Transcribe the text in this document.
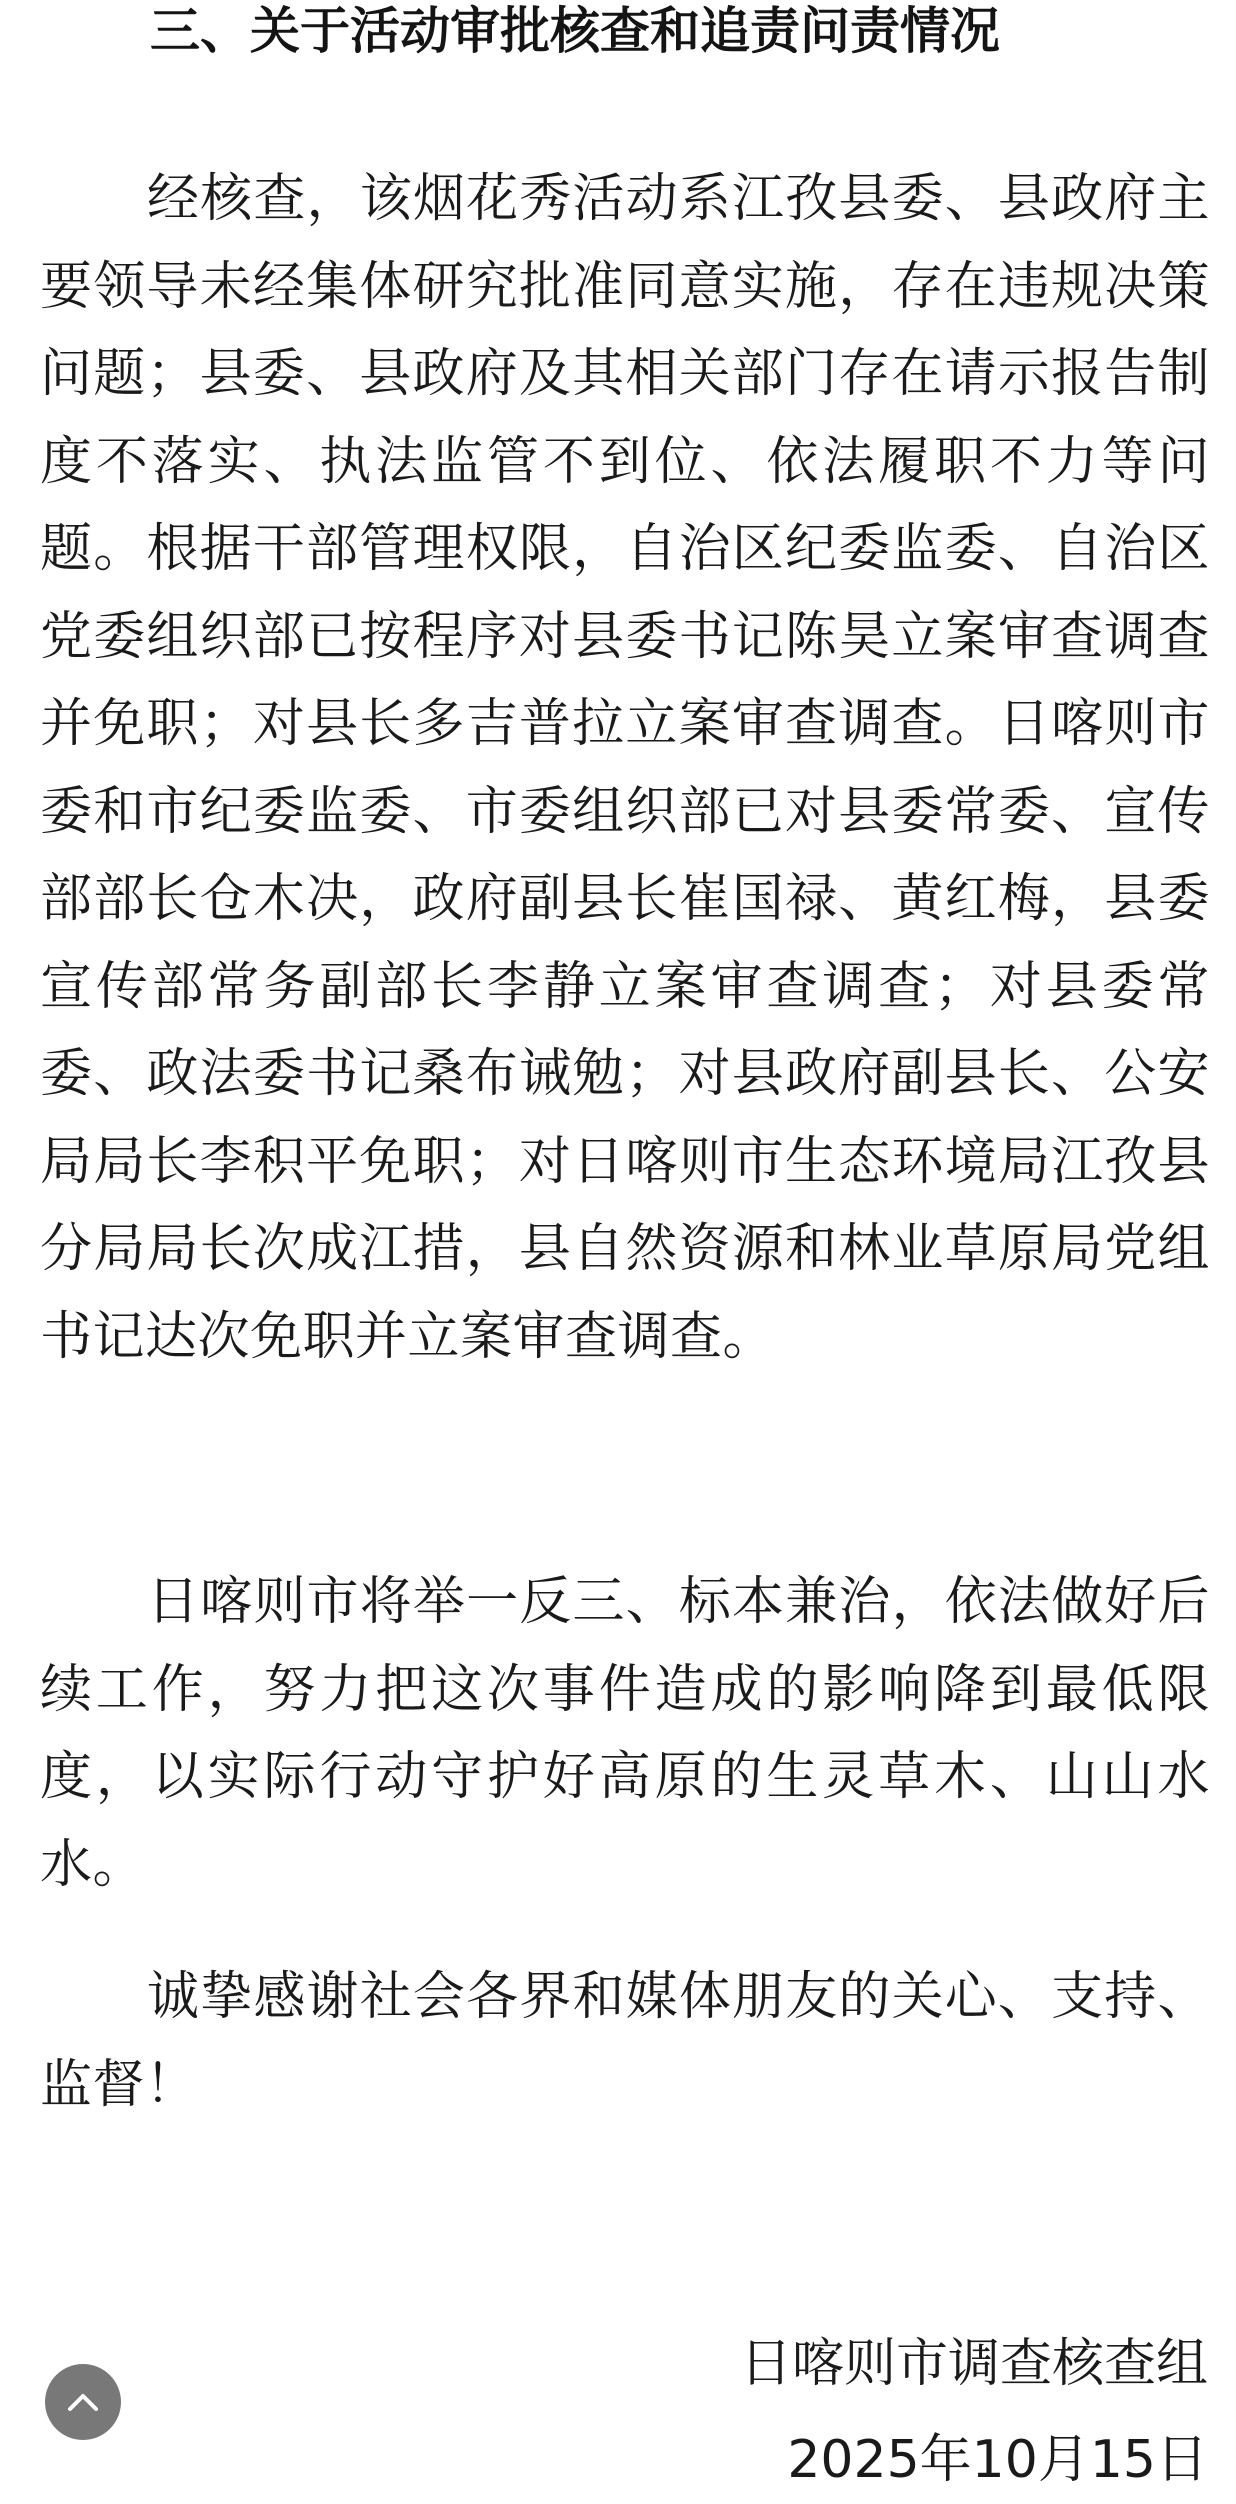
三、关于活动审批核查和追责问责情况

经核查，该烟花秀活动系江孜县委、县政府主要领导未经集体研究批准同意实施，存在违规决策问题；县委、县政府及其相关部门存在请示报告制度不落实、执法监管不到位、依法履职不力等问题。根据干部管理权限，自治区纪委监委、自治区党委组织部已按程序对县委书记陈昊立案审查调查并免职；对县长多吉普拉立案审查调查。日喀则市委和市纪委监委、市委组织部已对县委常委、宣传部部长仓木决，政府副县长崔国禄、黄红梅，县委宣传部常务副部长李静立案审查调查；对县委常委、政法委书记桑布诫勉；对县政府副县长、公安局局长李积平免职；对日喀则市生态环境局江孜县分局局长次成江措，县自然资源和林业草原局党组书记达次免职并立案审查调查。

日喀则市将举一反三、标本兼治，依法做好后续工作，努力把这次事件造成的影响降到最低限度，以实际行动守护好高原的生灵草木、山山水水。

诚挚感谢社会各界和媒体朋友的关心、支持、监督！

日喀则市调查核查组

2025年10月15日
